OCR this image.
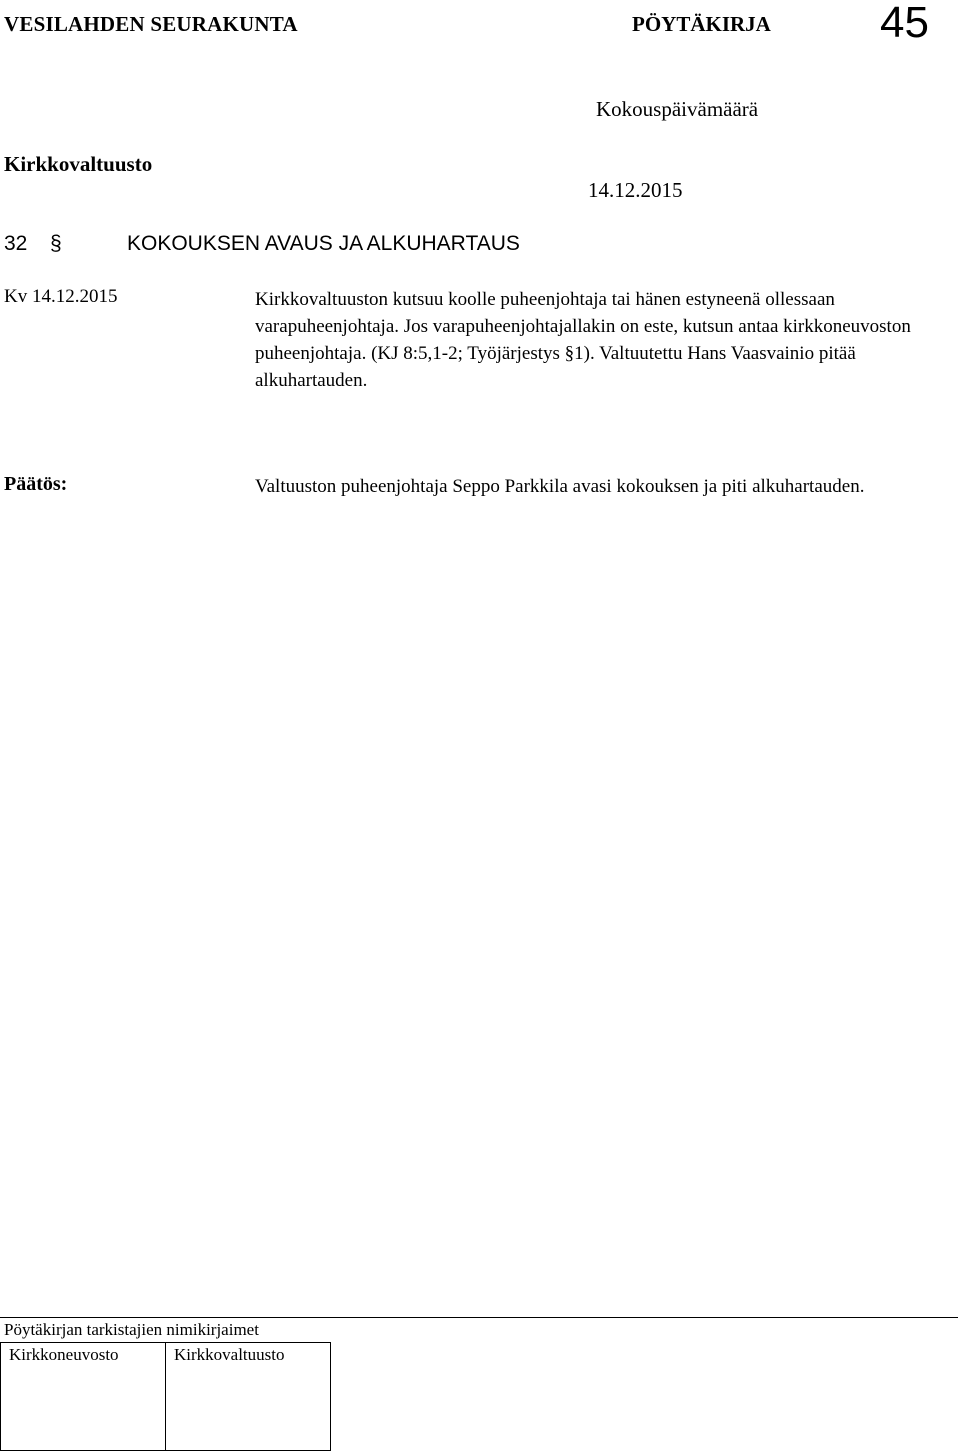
VESILAHDEN SEURAKUNTA	PÖYTÄKIRJA 45
Kokouspäivämäärä
Kirkkovaltuusto
14.12.2015
32 §	KOKOUKSEN AVAUS JA ALKUHARTAUS
Kv 14.12.2015	Kirkkovaltuuston kutsuu koolle puheenjohtaja tai hänen estyneenä ollessaan varapuheenjohtaja. Jos varapuheenjohtajallakin on este, kutsun antaa kirkkoneuvoston puheenjohtaja. (KJ 8:5,1-2; Työjärjestys §1). Valtuutettu Hans Vaasvainio pitää alkuhartauden.

Päätös:	Valtuuston puheenjohtaja Seppo Parkkila avasi kokouksen ja piti alkuhartauden.

Pöytäkirjan tarkistajien nimikirjaimet
Kirkkoneuvosto	Kirkkovaltuusto
